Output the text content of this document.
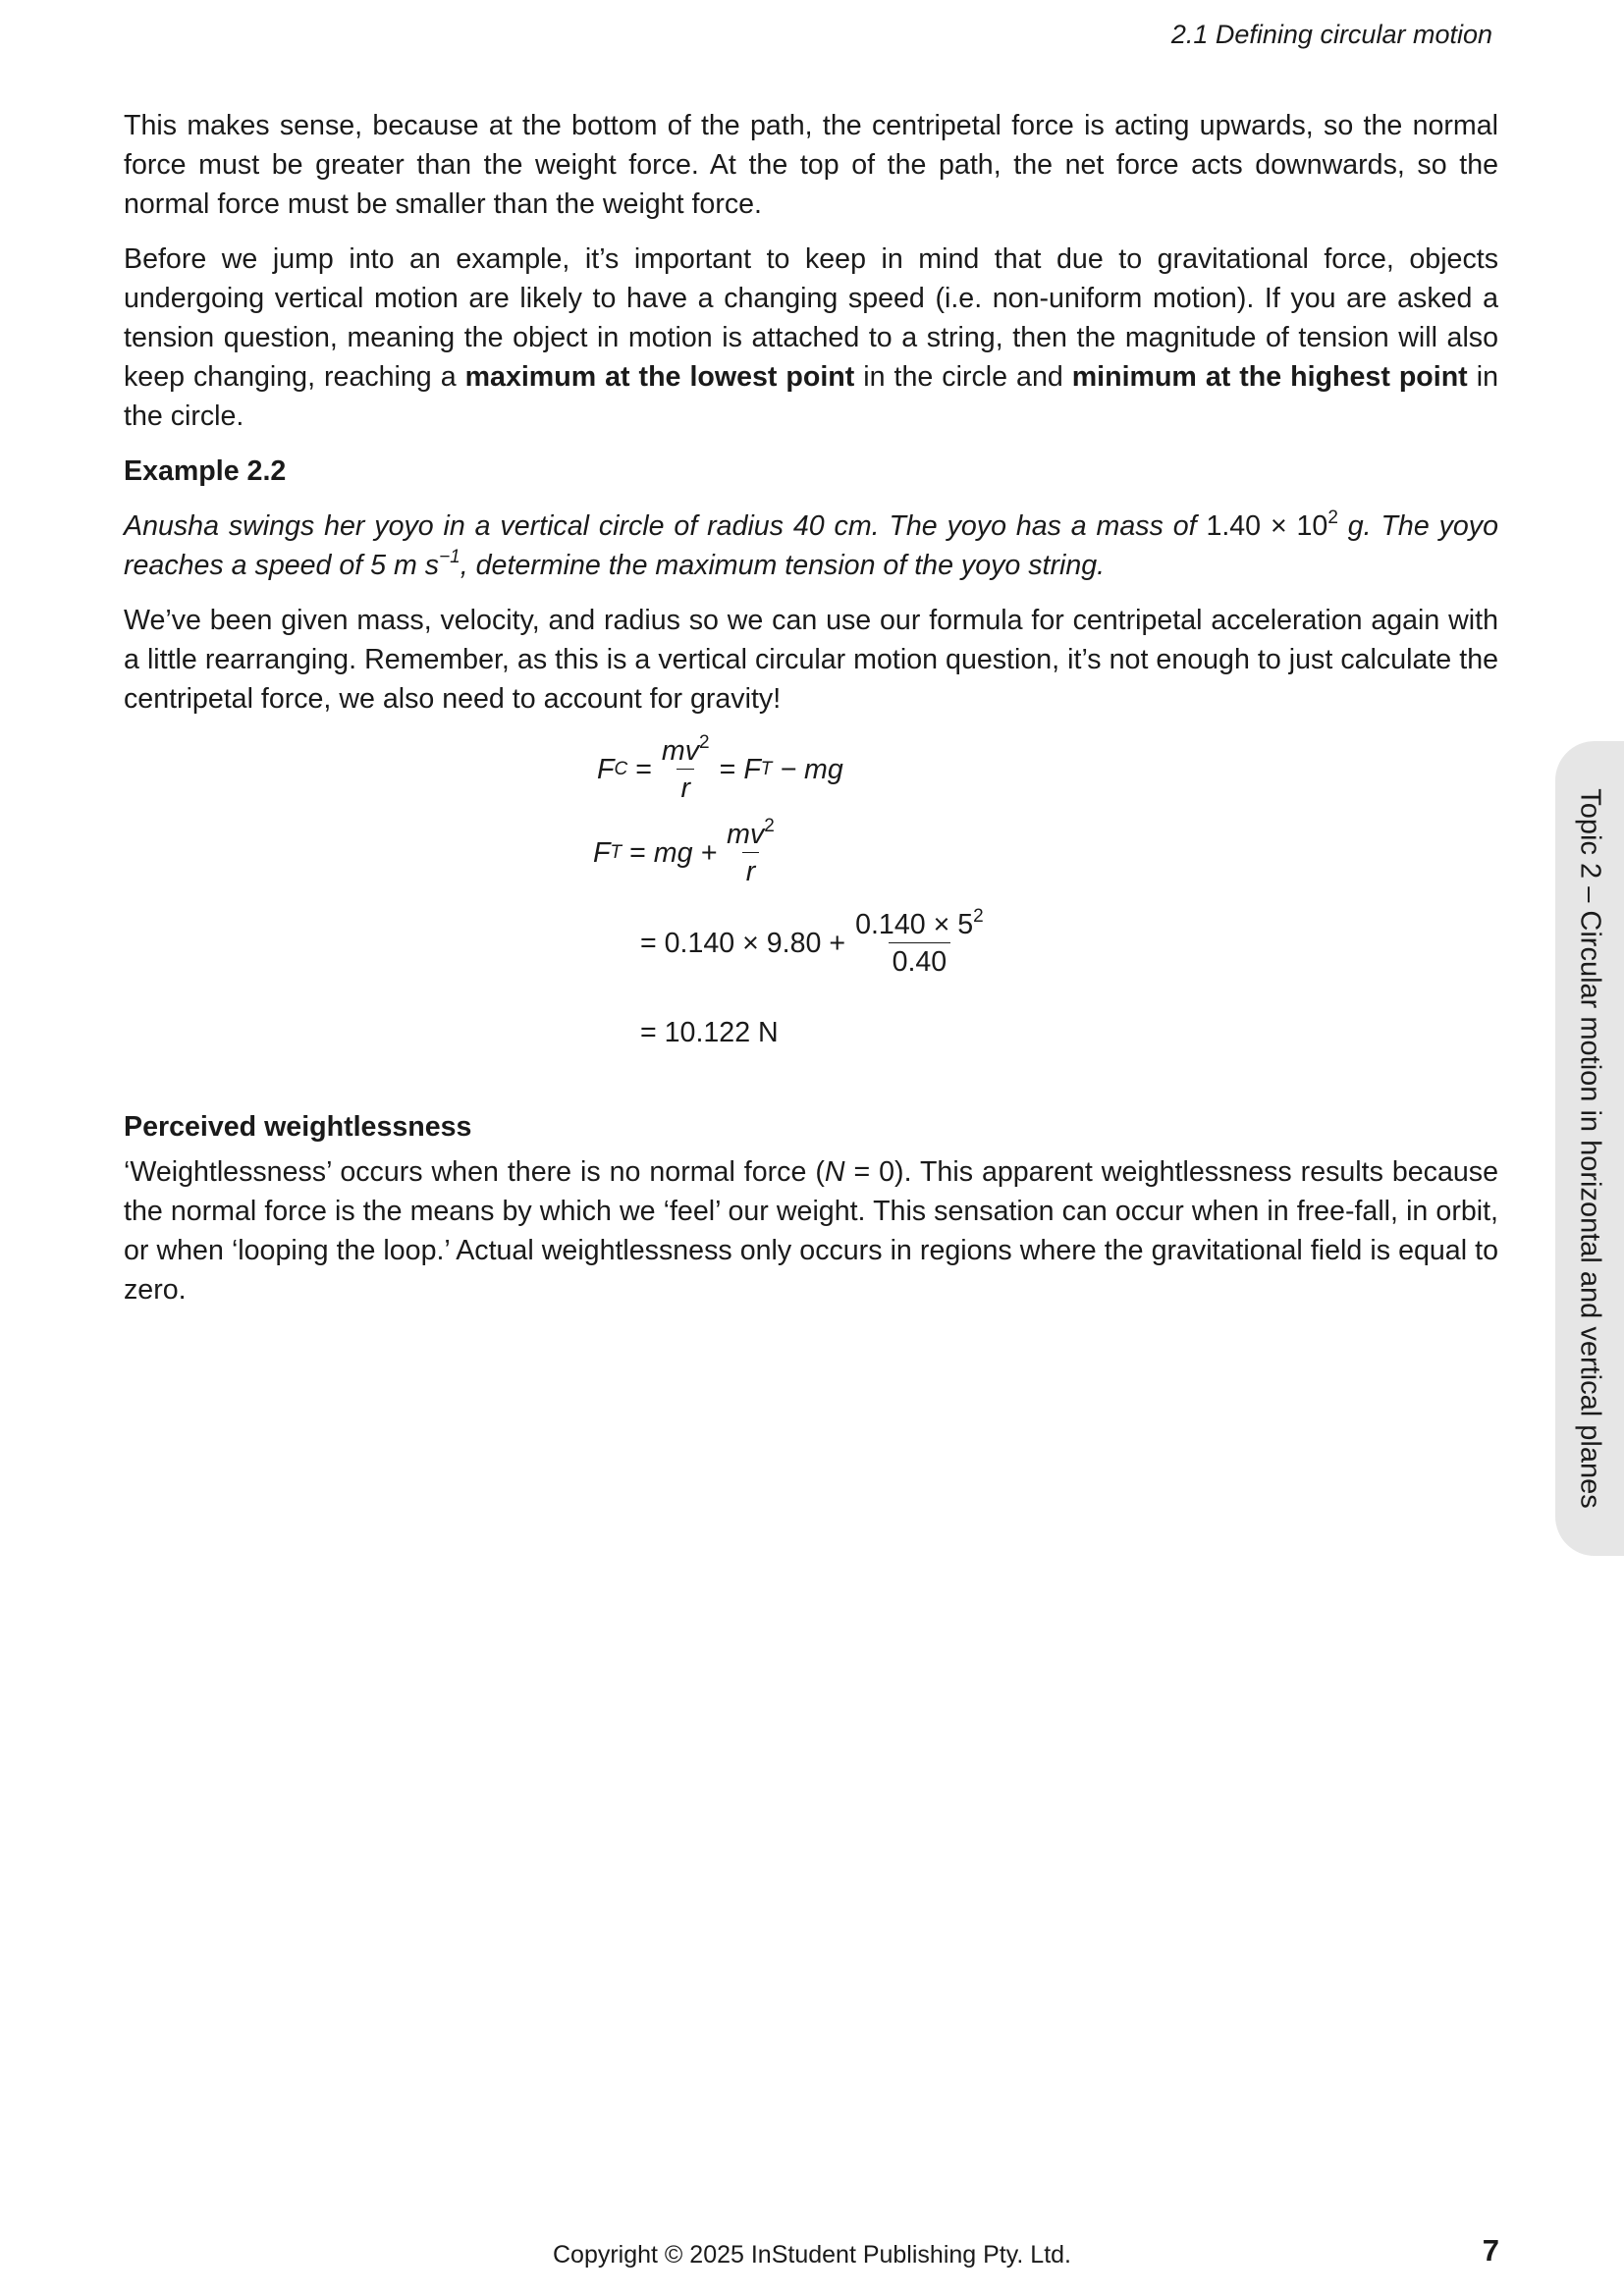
2.1 Defining circular motion

This makes sense, because at the bottom of the path, the centripetal force is acting upwards, so the normal force must be greater than the weight force. At the top of the path, the net force acts downwards, so the normal force must be smaller than the weight force.

Before we jump into an example, it’s important to keep in mind that due to gravitational force, objects undergoing vertical motion are likely to have a changing speed (i.e. non-uniform motion). If you are asked a tension question, meaning the object in motion is attached to a string, then the magnitude of tension will also keep changing, reaching a maximum at the lowest point in the circle and minimum at the highest point in the circle.

Example 2.2

Anusha swings her yoyo in a vertical circle of radius 40 cm. The yoyo has a mass of $1.40 \times 10^2$ g. The yoyo reaches a speed of 5 m $s^{-1}$, determine the maximum tension of the yoyo string.

We’ve been given mass, velocity, and radius so we can use our formula for centripetal acceleration again with a little rearranging. Remember, as this is a vertical circular motion question, it’s not enough to just calculate the centripetal force, we also need to account for gravity!

F $C = \frac{mv^2}{r} = F$ T − mg
F T = mg + $\frac{mv^2}{r}$
= $0.140 \times 9.80 + \frac{0.140 \times 5^2}{0.40}$
= 10.122 N
Perceived weightlessness

‘Weightlessness’ occurs when there is no normal force (N = 0). This apparent weightlessness results because the normal force is the means by which we ‘feel’ our weight. This sensation can occur when in free-fall, in orbit, or when ‘looping the loop.’ Actual weightlessness only occurs in regions where the gravitational field is equal to zero.	Topic 2 – Circular motion in horizontal and vertical planes
Copyright © 2025 InStudent Publishing Pty. Ltd.	7
